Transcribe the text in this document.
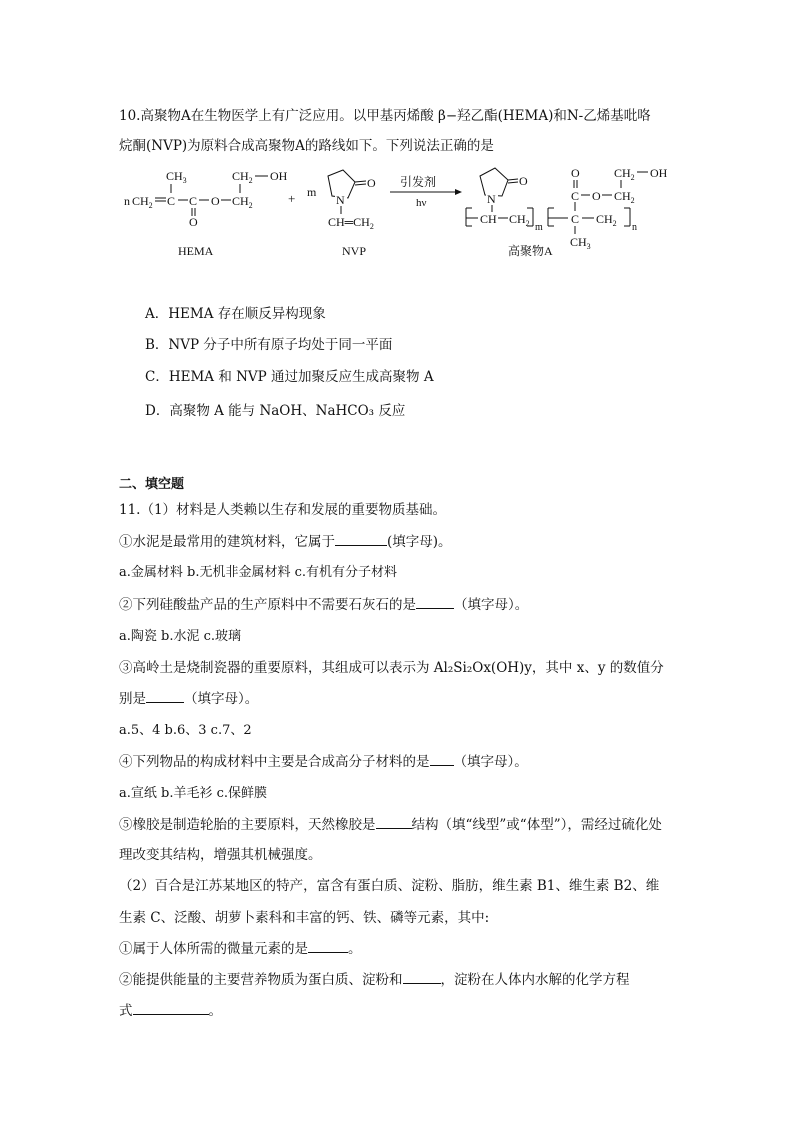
10.高聚物A在生物医学上有广泛应用。以甲基丙烯酸 β−羟乙酯(HEMA)和N-乙烯基吡咯
烷酮(NVP)为原料合成高聚物A的路线如下。下列说法正确的是
n $CH_2$ C
$CH_3$
C
O
O $CH_2$
$CH_2$ OH
HEMA
+ m
O
N
$CH═CH_2$
NVP
引发剂
hν
O
N
CH $CH_2$ m
C
C
O
O $CH_2$
$CH_2$ OH
$CH_2$
$CH_3$
n
高聚物A
A．HEMA 存在顺反异构现象
B．NVP 分子中所有原子均处于同一平面
C．HEMA 和 NVP 通过加聚反应生成高聚物 A
D．高聚物 A 能与 NaOH、NaHCO₃ 反应
二、填空题
11.（1）材料是人类赖以生存和发展的重要物质基础。
①水泥是最常用的建筑材料，它属于	(填字母)。
a.金属材料 b.无机非金属材料 c.有机有分子材料
②下列硅酸盐产品的生产原料中不需要石灰石的是	（填字母）。
a.陶瓷 b.水泥 c.玻璃
③高岭土是烧制瓷器的重要原料，其组成可以表示为 Al₂Si₂Ox(OH)y，其中 x、y 的数值分
别是	（填字母）。
a.5、4 b.6、3 c.7、2
④下列物品的构成材料中主要是合成高分子材料的是 （填字母）。
a.宣纸 b.羊毛衫 c.保鲜膜
⑤橡胶是制造轮胎的主要原料，天然橡胶是	结构（填“线型”或“体型”），需经过硫化处
理改变其结构，增强其机械强度。
（2）百合是江苏某地区的特产，富含有蛋白质、淀粉、脂肪，维生素 B1、维生素 B2、维
生素 C、泛酸、胡萝卜素科和丰富的钙、铁、磷等元素，其中:
①属于人体所需的微量元素的是	。
②能提供能量的主要营养物质为蛋白质、淀粉和	，淀粉在人体内水解的化学方程
式	。
